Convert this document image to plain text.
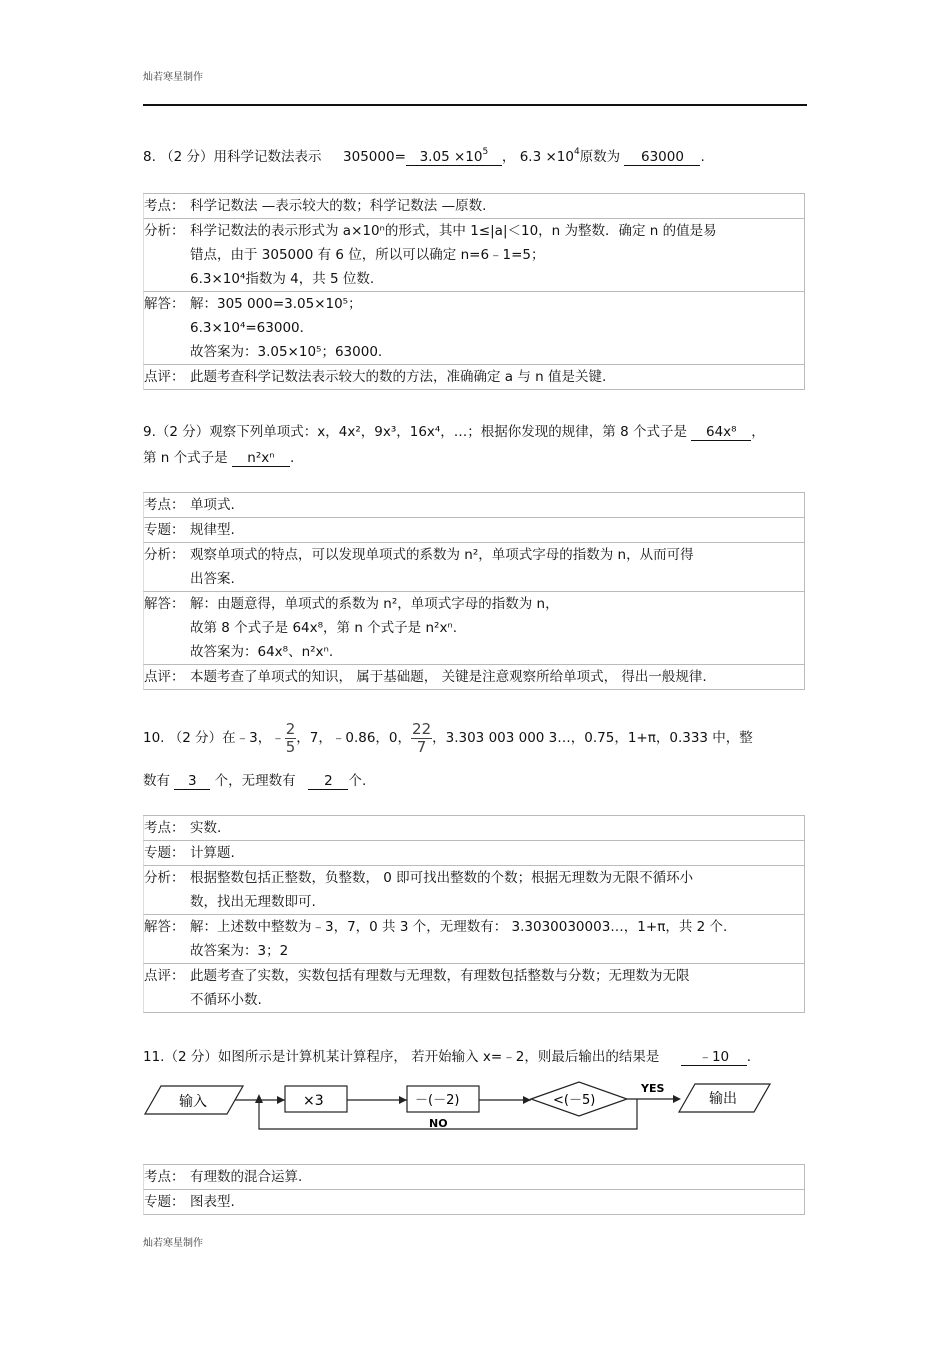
灿若寒星制作
8. （2 分）用科学记数法表示 $305000= 3.05 \times 10^5$ ， $6.3 \times 10^4$原数为 63000 .
考点： 科学记数法 —表示较大的数；科学记数法 —原数.
分析： 科学记数法的表示形式为 a×10ⁿ的形式，其中 1≤|a|＜10，n 为整数．确定 n 的值是易
错点，由于 305000 有 6 位，所以可以确定 n=6﹣1=5；
6.3×10⁴指数为 4，共 5 位数.
解答： 解：305 000=3.05×10⁵；
6.3×10⁴=63000．
故答案为：3.05×10⁵；63000.
点评： 此题考查科学记数法表示较大的数的方法，准确确定 a 与 n 值是关键.
9.（2 分）观察下列单项式：x，4x²，9x³，16x⁴，…；根据你发现的规律，第 8 个式子是 64x⁸ ，
第 n 个式子是 n²xⁿ .
考点： 单项式.
专题： 规律型.
分析： 观察单项式的特点，可以发现单项式的系数为 n²，单项式字母的指数为 n，从而可得
出答案.
解答： 解：由题意得，单项式的系数为 n²，单项式字母的指数为 n，
故第 8 个式子是 64x⁸，第 n 个式子是 n²xⁿ.
故答案为：64x⁸、n²xⁿ.
点评： 本题考查了单项式的知识， 属于基础题， 关键是注意观察所给单项式， 得出一般规律.
10. （2 分）在﹣3，﹣ $\frac{2}{5}$ ，7，﹣0.86，0， $\frac{22}{7}$ ，3.303 003 000 3…，0.75，1+π，0.333 中，整
数有 3 个，无理数有 2 个.
考点： 实数.
专题： 计算题.
分析： 根据整数包括正整数，负整数， 0 即可找出整数的个数；根据无理数为无限不循环小
数，找出无理数即可.
解答： 解：上述数中整数为﹣3，7，0 共 3 个，无理数有： 3.3030030003…，1+π，共 2 个.
故答案为：3；2
点评： 此题考查了实数，实数包括有理数与无理数，有理数包括整数与分数；无理数为无限
不循环小数.
11.（2 分）如图所示是计算机某计算程序， 若开始输入 x=﹣2，则最后输出的结果是	﹣10 .
输入	×3	－(－2)	<(－5)
YES
NO
输出
考点： 有理数的混合运算.
专题： 图表型.
灿若寒星制作
